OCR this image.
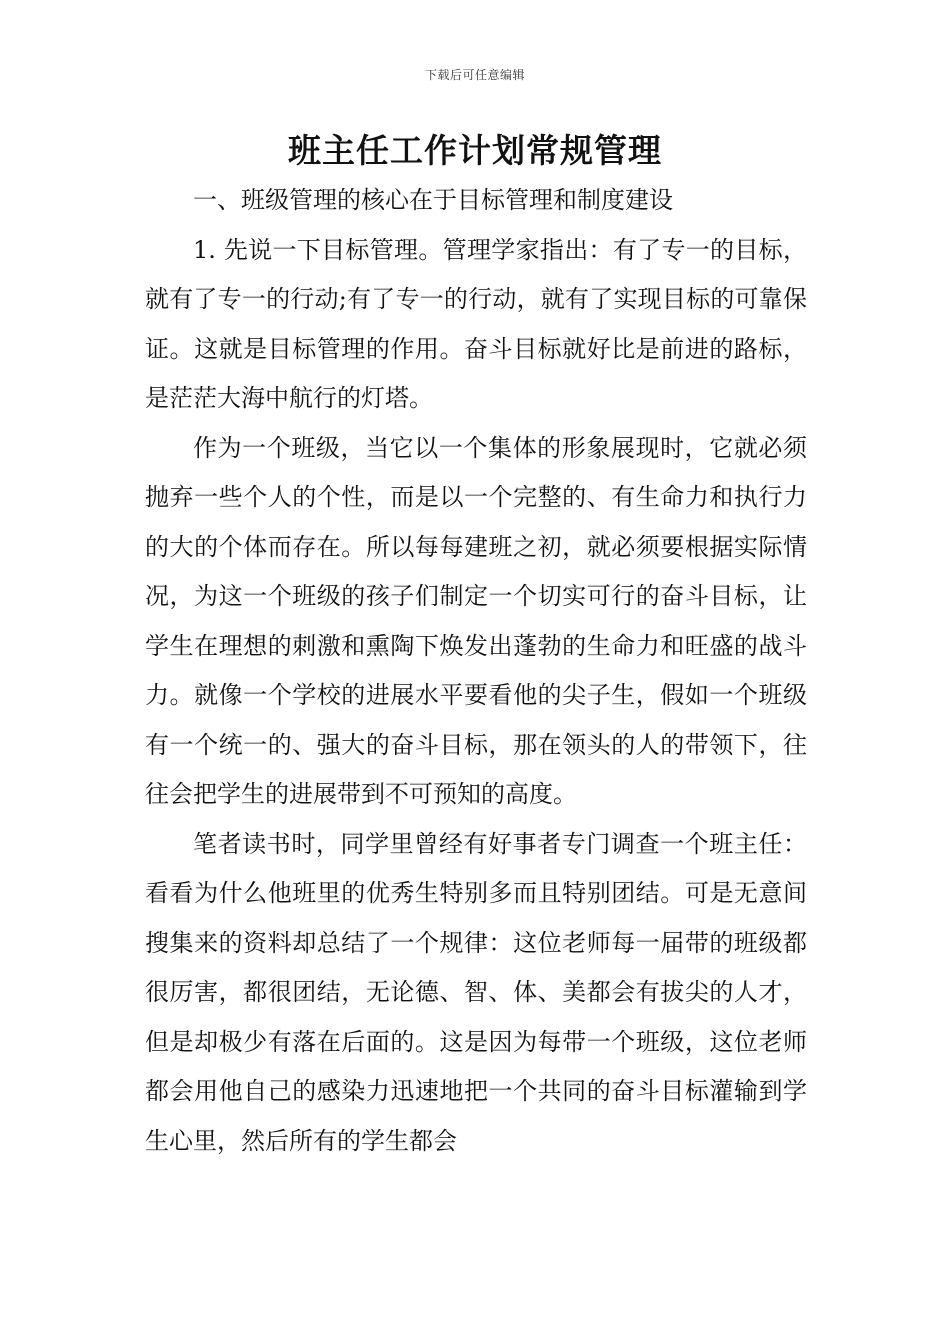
下载后可任意编辑
班主任工作计划常规管理

一、班级管理的核心在于目标管理和制度建设

1. 先说一下目标管理。管理学家指出：有了专一的目标，就有了专一的行动;有了专一的行动，就有了实现目标的可靠保证。这就是目标管理的作用。奋斗目标就好比是前进的路标，是茫茫大海中航行的灯塔。

作为一个班级，当它以一个集体的形象展现时，它就必须抛弃一些个人的个性，而是以一个完整的、有生命力和执行力的大的个体而存在。所以每每建班之初，就必须要根据实际情况，为这一个班级的孩子们制定一个切实可行的奋斗目标，让学生在理想的刺激和熏陶下焕发出蓬勃的生命力和旺盛的战斗力。就像一个学校的进展水平要看他的尖子生，假如一个班级有一个统一的、强大的奋斗目标，那在领头的人的带领下，往往会把学生的进展带到不可预知的高度。

笔者读书时，同学里曾经有好事者专门调查一个班主任：看看为什么他班里的优秀生特别多而且特别团结。可是无意间搜集来的资料却总结了一个规律：这位老师每一届带的班级都很厉害，都很团结，无论德、智、体、美都会有拔尖的人才，但是却极少有落在后面的。这是因为每带一个班级，这位老师都会用他自己的感染力迅速地把一个共同的奋斗目标灌输到学生心里，然后所有的学生都会
